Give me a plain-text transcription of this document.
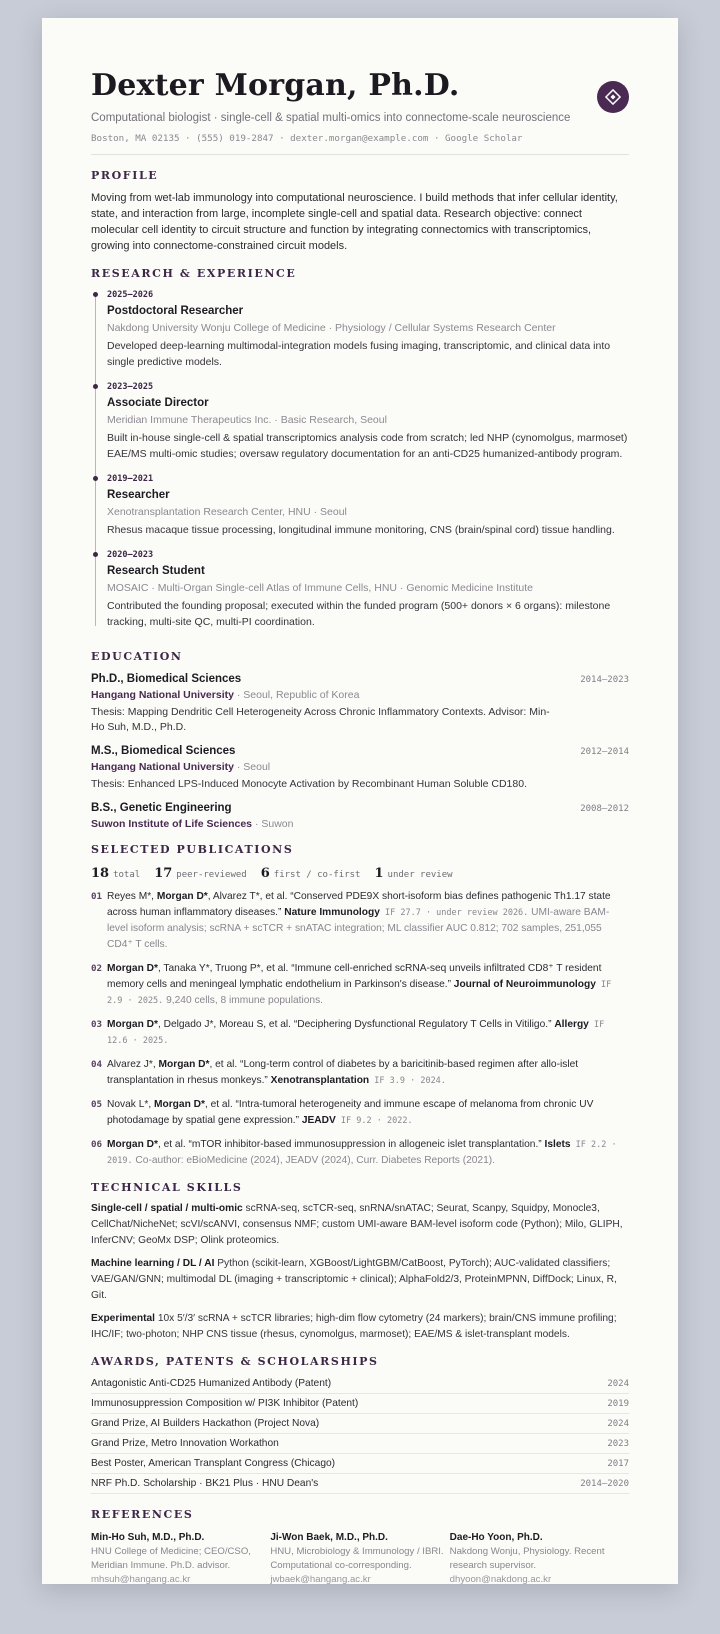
Dexter Morgan, Ph.D.
Computational biologist · single-cell & spatial multi-omics into connectome-scale neuroscience
Boston, MA 02135 · (555) 019-2847 · dexter.morgan@example.com · Google Scholar
PROFILE
Moving from wet-lab immunology into computational neuroscience. I build methods that infer cellular identity, state, and interaction from large, incomplete single-cell and spatial data. Research objective: connect molecular cell identity to circuit structure and function by integrating connectomics with transcriptomics, growing into connectome-constrained circuit models.
RESEARCH & EXPERIENCE
2025–2026
Postdoctoral Researcher
Nakdong University Wonju College of Medicine · Physiology / Cellular Systems Research Center
Developed deep-learning multimodal-integration models fusing imaging, transcriptomic, and clinical data into single predictive models.
2023–2025
Associate Director
Meridian Immune Therapeutics Inc. · Basic Research, Seoul
Built in-house single-cell & spatial transcriptomics analysis code from scratch; led NHP (cynomolgus, marmoset) EAE/MS multi-omic studies; oversaw regulatory documentation for an anti-CD25 humanized-antibody program.
2019–2021
Researcher
Xenotransplantation Research Center, HNU · Seoul
Rhesus macaque tissue processing, longitudinal immune monitoring, CNS (brain/spinal cord) tissue handling.
2020–2023
Research Student
MOSAIC · Multi-Organ Single-cell Atlas of Immune Cells, HNU · Genomic Medicine Institute
Contributed the founding proposal; executed within the funded program (500+ donors × 6 organs): milestone tracking, multi-site QC, multi-PI coordination.
EDUCATION
Ph.D., Biomedical Sciences	2014–2023
Hangang National University · Seoul, Republic of Korea
Thesis: Mapping Dendritic Cell Heterogeneity Across Chronic Inflammatory Contexts. Advisor: Min-Ho Suh, M.D., Ph.D.
M.S., Biomedical Sciences	2012–2014
Hangang National University · Seoul
Thesis: Enhanced LPS-Induced Monocyte Activation by Recombinant Human Soluble CD180.
B.S., Genetic Engineering	2008–2012
Suwon Institute of Life Sciences · Suwon
SELECTED PUBLICATIONS
18 total 17 peer-reviewed 6 first / co-first 1 under review
01 Reyes M*, Morgan D*, Alvarez T*, et al. “Conserved PDE9X short-isoform bias defines pathogenic Th1.17 state across human inflammatory diseases.” Nature Immunology IF 27.7 · under review 2026. UMI-aware BAM-level isoform analysis; scRNA + scTCR + snATAC integration; ML classifier AUC 0.812; 702 samples, 251,055 CD4⁺ T cells.
02 Morgan D*, Tanaka Y*, Truong P*, et al. “Immune cell-enriched scRNA-seq unveils infiltrated CD8⁺ T resident memory cells and meningeal lymphatic endothelium in Parkinson's disease.” Journal of Neuroimmunology IF 2.9 · 2025. 9,240 cells, 8 immune populations.
03 Morgan D*, Delgado J*, Moreau S, et al. “Deciphering Dysfunctional Regulatory T Cells in Vitiligo.” Allergy IF 12.6 · 2025.
04 Alvarez J*, Morgan D*, et al. “Long-term control of diabetes by a baricitinib-based regimen after allo-islet transplantation in rhesus monkeys.” Xenotransplantation IF 3.9 · 2024.
05 Novak L*, Morgan D*, et al. “Intra-tumoral heterogeneity and immune escape of melanoma from chronic UV photodamage by spatial gene expression.” JEADV IF 9.2 · 2022.
06 Morgan D*, et al. “mTOR inhibitor-based immunosuppression in allogeneic islet transplantation.” Islets IF 2.2 · 2019. Co-author: eBioMedicine (2024), JEADV (2024), Curr. Diabetes Reports (2021).
TECHNICAL SKILLS
Single-cell / spatial / multi-omic scRNA-seq, scTCR-seq, snRNA/snATAC; Seurat, Scanpy, Squidpy, Monocle3, CellChat/NicheNet; scVI/scANVI, consensus NMF; custom UMI-aware BAM-level isoform code (Python); Milo, GLIPH, InferCNV; GeoMx DSP; Olink proteomics.
Machine learning / DL / AI Python (scikit-learn, XGBoost/LightGBM/CatBoost, PyTorch); AUC-validated classifiers; VAE/GAN/GNN; multimodal DL (imaging + transcriptomic + clinical); AlphaFold2/3, ProteinMPNN, DiffDock; Linux, R, Git.
Experimental 10x 5′/3′ scRNA + scTCR libraries; high-dim flow cytometry (24 markers); brain/CNS immune profiling; IHC/IF; two-photon; NHP CNS tissue (rhesus, cynomolgus, marmoset); EAE/MS & islet-transplant models.
AWARDS, PATENTS & SCHOLARSHIPS
Antagonistic Anti-CD25 Humanized Antibody (Patent)	2024
Immunosuppression Composition w/ PI3K Inhibitor (Patent)	2019
Grand Prize, AI Builders Hackathon (Project Nova)	2024
Grand Prize, Metro Innovation Workathon	2023
Best Poster, American Transplant Congress (Chicago)	2017
NRF Ph.D. Scholarship · BK21 Plus · HNU Dean's	2014–2020
REFERENCES
Min-Ho Suh, M.D., Ph.D.
HNU College of Medicine; CEO/CSO, Meridian Immune. Ph.D. advisor.
mhsuh@hangang.ac.kr
Ji-Won Baek, M.D., Ph.D.
HNU, Microbiology & Immunology / IBRI. Computational co-corresponding.
jwbaek@hangang.ac.kr
Dae-Ho Yoon, Ph.D.
Nakdong Wonju, Physiology. Recent research supervisor.
dhyoon@nakdong.ac.kr
